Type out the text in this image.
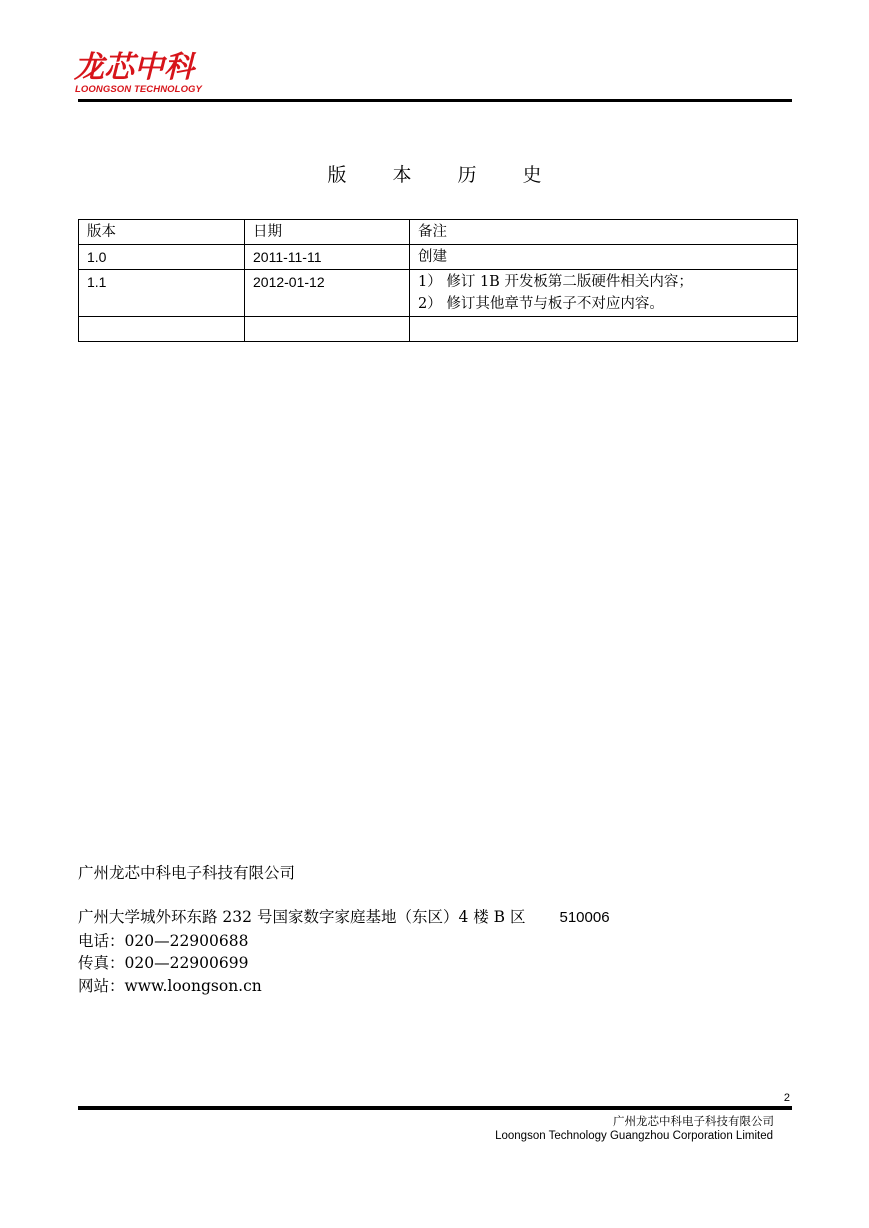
龙芯中科
LOONGSON TECHNOLOGY
版 本 历 史
版本	日期	备注
1.0	2011-11-11	创建

1.1	2012-01-12	1） 修订 1B 开发板第二版硬件相关内容；
2） 修订其他章节与板子不对应内容。

广州龙芯中科电子科技有限公司
广州大学城外环东路 232 号国家数字家庭基地（东区）4 楼 B 区 510006
电话：020—22900688
传真：020—22900699
网站：www.loongson.cn
2
广州龙芯中科电子科技有限公司
Loongson Technology Guangzhou Corporation Limited
